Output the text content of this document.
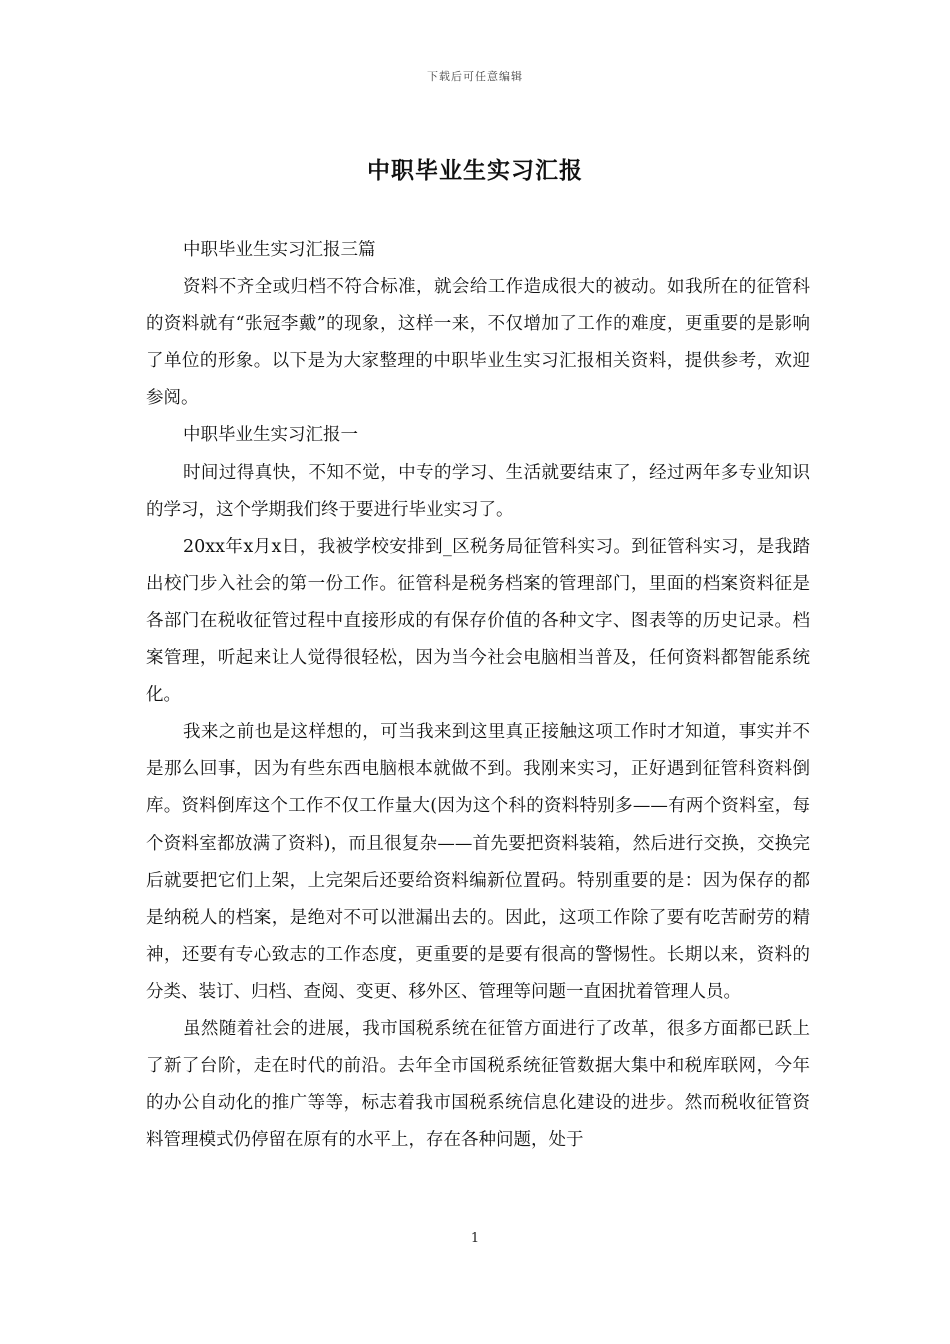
下载后可任意编辑
中职毕业生实习汇报

中职毕业生实习汇报三篇

资料不齐全或归档不符合标准，就会给工作造成很大的被动。如我所在的征管科的资料就有“张冠李戴”的现象，这样一来，不仅增加了工作的难度，更重要的是影响了单位的形象。以下是为大家整理的中职毕业生实习汇报相关资料，提供参考，欢迎参阅。

中职毕业生实习汇报一

时间过得真快，不知不觉，中专的学习、生活就要结束了，经过两年多专业知识的学习，这个学期我们终于要进行毕业实习了。

20xx年x月x日，我被学校安排到_区税务局征管科实习。到征管科实习，是我踏出校门步入社会的第一份工作。征管科是税务档案的管理部门，里面的档案资料征是各部门在税收征管过程中直接形成的有保存价值的各种文字、图表等的历史记录。档案管理，听起来让人觉得很轻松，因为当今社会电脑相当普及，任何资料都智能系统化。

我来之前也是这样想的，可当我来到这里真正接触这项工作时才知道，事实并不是那么回事，因为有些东西电脑根本就做不到。我刚来实习，正好遇到征管科资料倒库。资料倒库这个工作不仅工作量大(因为这个科的资料特别多——有两个资料室，每个资料室都放满了资料)，而且很复杂——首先要把资料装箱，然后进行交换，交换完后就要把它们上架，上完架后还要给资料编新位置码。特别重要的是：因为保存的都是纳税人的档案，是绝对不可以泄漏出去的。因此，这项工作除了要有吃苦耐劳的精神，还要有专心致志的工作态度，更重要的是要有很高的警惕性。长期以来，资料的分类、装订、归档、查阅、变更、移外区、管理等问题一直困扰着管理人员。

虽然随着社会的进展，我市国税系统在征管方面进行了改革，很多方面都已跃上了新了台阶，走在时代的前沿。去年全市国税系统征管数据大集中和税库联网，今年的办公自动化的推广等等，标志着我市国税系统信息化建设的进步。然而税收征管资料管理模式仍停留在原有的水平上，存在各种问题，处于

1
